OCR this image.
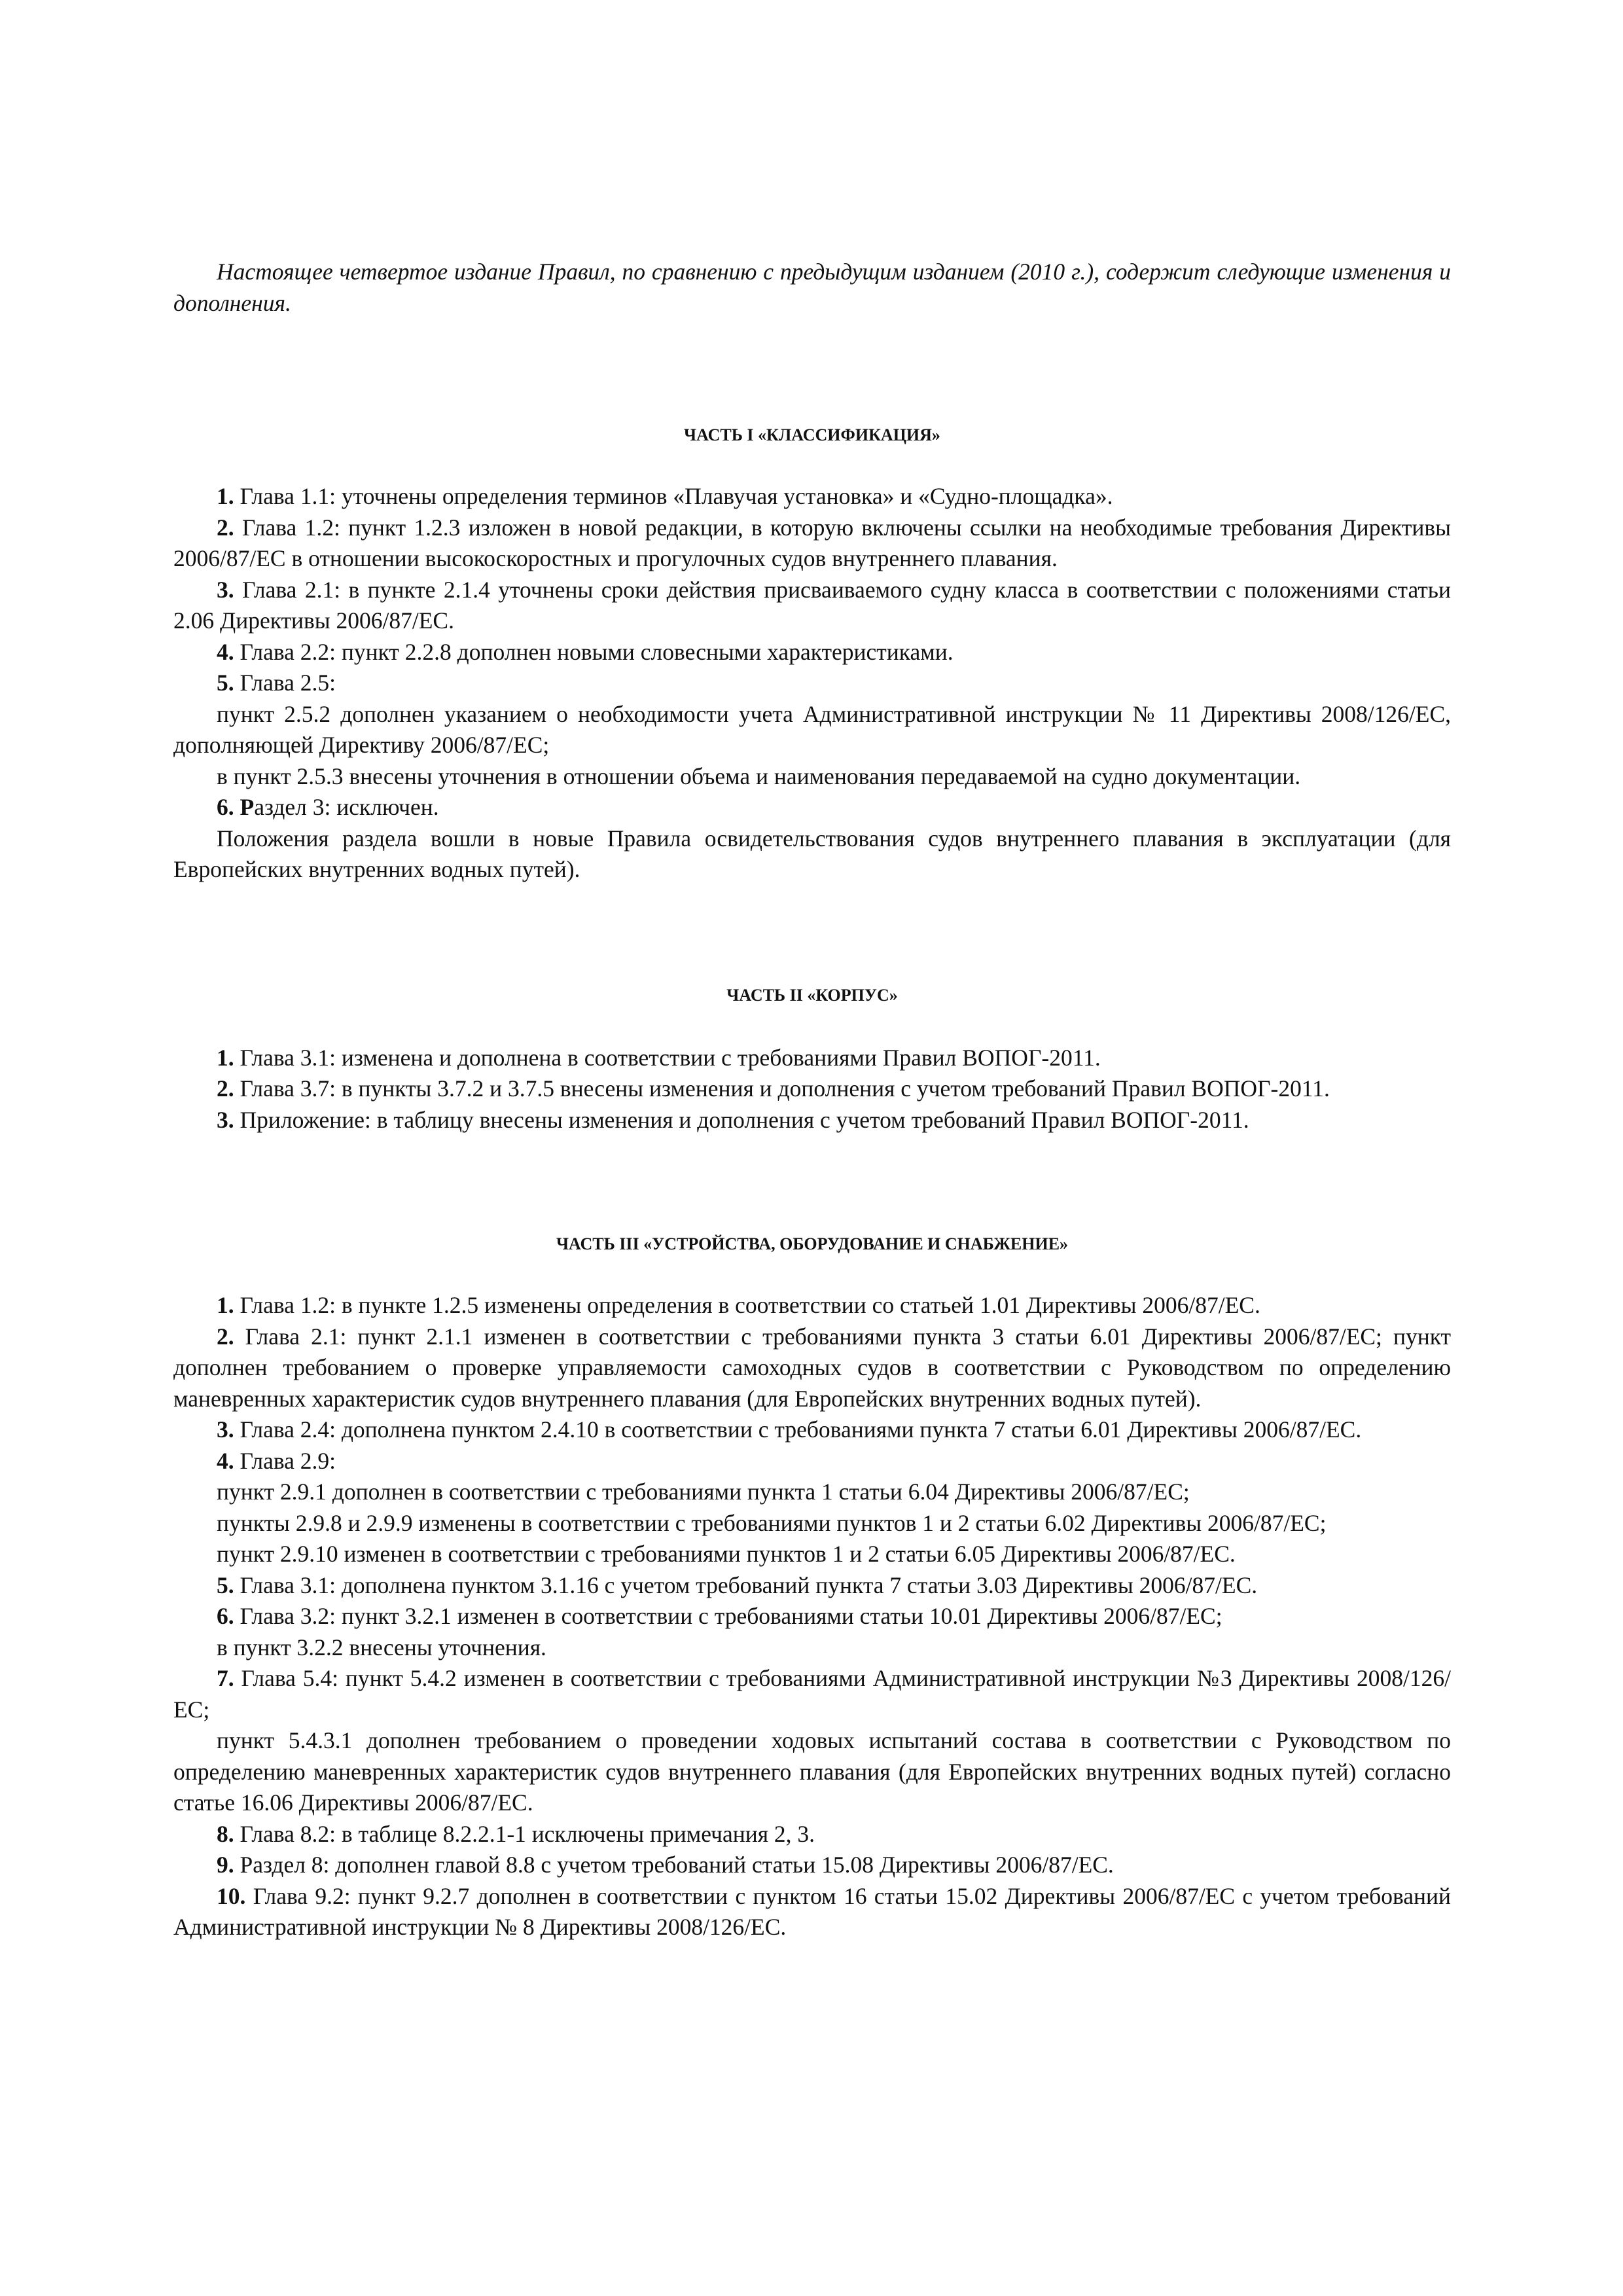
Настоящее четвертое издание Правил, по сравнению с предыдущим изданием (2010 г.), содержит следующие изменения и дополнения.

ЧАСТЬ I «КЛАССИФИКАЦИЯ»

1. Глава 1.1: уточнены определения терминов «Плавучая установка» и «Судно-площадка».

2. Глава 1.2: пункт 1.2.3 изложен в новой редакции, в которую включены ссылки на необходимые требования Директивы 2006/87/ЕС в отношении высокоскоростных и прогулочных судов внутреннего плавания.

3. Глава 2.1: в пункте 2.1.4 уточнены сроки действия присваиваемого судну класса в соответствии с положениями статьи 2.06 Директивы 2006/87/ЕС.

4. Глава 2.2: пункт 2.2.8 дополнен новыми словесными характеристиками.

5. Глава 2.5:

пункт 2.5.2 дополнен указанием о необходимости учета Административной инструкции № 11 Директивы 2008/126/ЕС, дополняющей Директиву 2006/87/ЕС;

в пункт 2.5.3 внесены уточнения в отношении объема и наименования передаваемой на судно документации.

6. Раздел 3: исключен.

Положения раздела вошли в новые Правила освидетельствования судов внутреннего плавания в эксплуатации (для Европейских внутренних водных путей).

ЧАСТЬ II «КОРПУС»

1. Глава 3.1: изменена и дополнена в соответствии с требованиями Правил ВОПОГ-2011.

2. Глава 3.7: в пункты 3.7.2 и 3.7.5 внесены изменения и дополнения с учетом требований Правил ВОПОГ-2011.

3. Приложение: в таблицу внесены изменения и дополнения с учетом требований Правил ВОПОГ-2011.

ЧАСТЬ III «УСТРОЙСТВА, ОБОРУДОВАНИЕ И СНАБЖЕНИЕ»

1. Глава 1.2: в пункте 1.2.5 изменены определения в соответствии со статьей 1.01 Директивы 2006/87/ЕС.

2. Глава 2.1: пункт 2.1.1 изменен в соответствии с требованиями пункта 3 статьи 6.01 Директивы 2006/87/ЕС; пункт дополнен требованием о проверке управляемости самоходных судов в соответствии с Руководством по определению маневренных характеристик судов внутреннего плавания (для Европейских внутренних водных путей).

3. Глава 2.4: дополнена пунктом 2.4.10 в соответствии с требованиями пункта 7 статьи 6.01 Директивы 2006/87/ЕС.

4. Глава 2.9:

пункт 2.9.1 дополнен в соответствии с требованиями пункта 1 статьи 6.04 Директивы 2006/87/ЕС;

пункты 2.9.8 и 2.9.9 изменены в соответствии с требованиями пунктов 1 и 2 статьи 6.02 Директивы 2006/87/ЕС;

пункт 2.9.10 изменен в соответствии с требованиями пунктов 1 и 2 статьи 6.05 Директивы 2006/87/ЕС.

5. Глава 3.1: дополнена пунктом 3.1.16 с учетом требований пункта 7 статьи 3.03 Директивы 2006/87/ЕС.

6. Глава 3.2: пункт 3.2.1 изменен в соответствии с требованиями статьи 10.01 Директивы 2006/87/ЕС;

в пункт 3.2.2 внесены уточнения.

7. Глава 5.4: пункт 5.4.2 изменен в соответствии с требованиями Административной инструкции №3 Директивы 2008/126/ЕС;

пункт 5.4.3.1 дополнен требованием о проведении ходовых испытаний состава в соответствии с Руководством по определению маневренных характеристик судов внутреннего плавания (для Европейских внутренних водных путей) согласно статье 16.06 Директивы 2006/87/ЕС.

8. Глава 8.2: в таблице 8.2.2.1-1 исключены примечания 2, 3.

9. Раздел 8: дополнен главой 8.8 с учетом требований статьи 15.08 Директивы 2006/87/ЕС.

10. Глава 9.2: пункт 9.2.7 дополнен в соответствии с пунктом 16 статьи 15.02 Директивы 2006/87/ЕС с учетом требований Административной инструкции № 8 Директивы 2008/126/ЕС.
